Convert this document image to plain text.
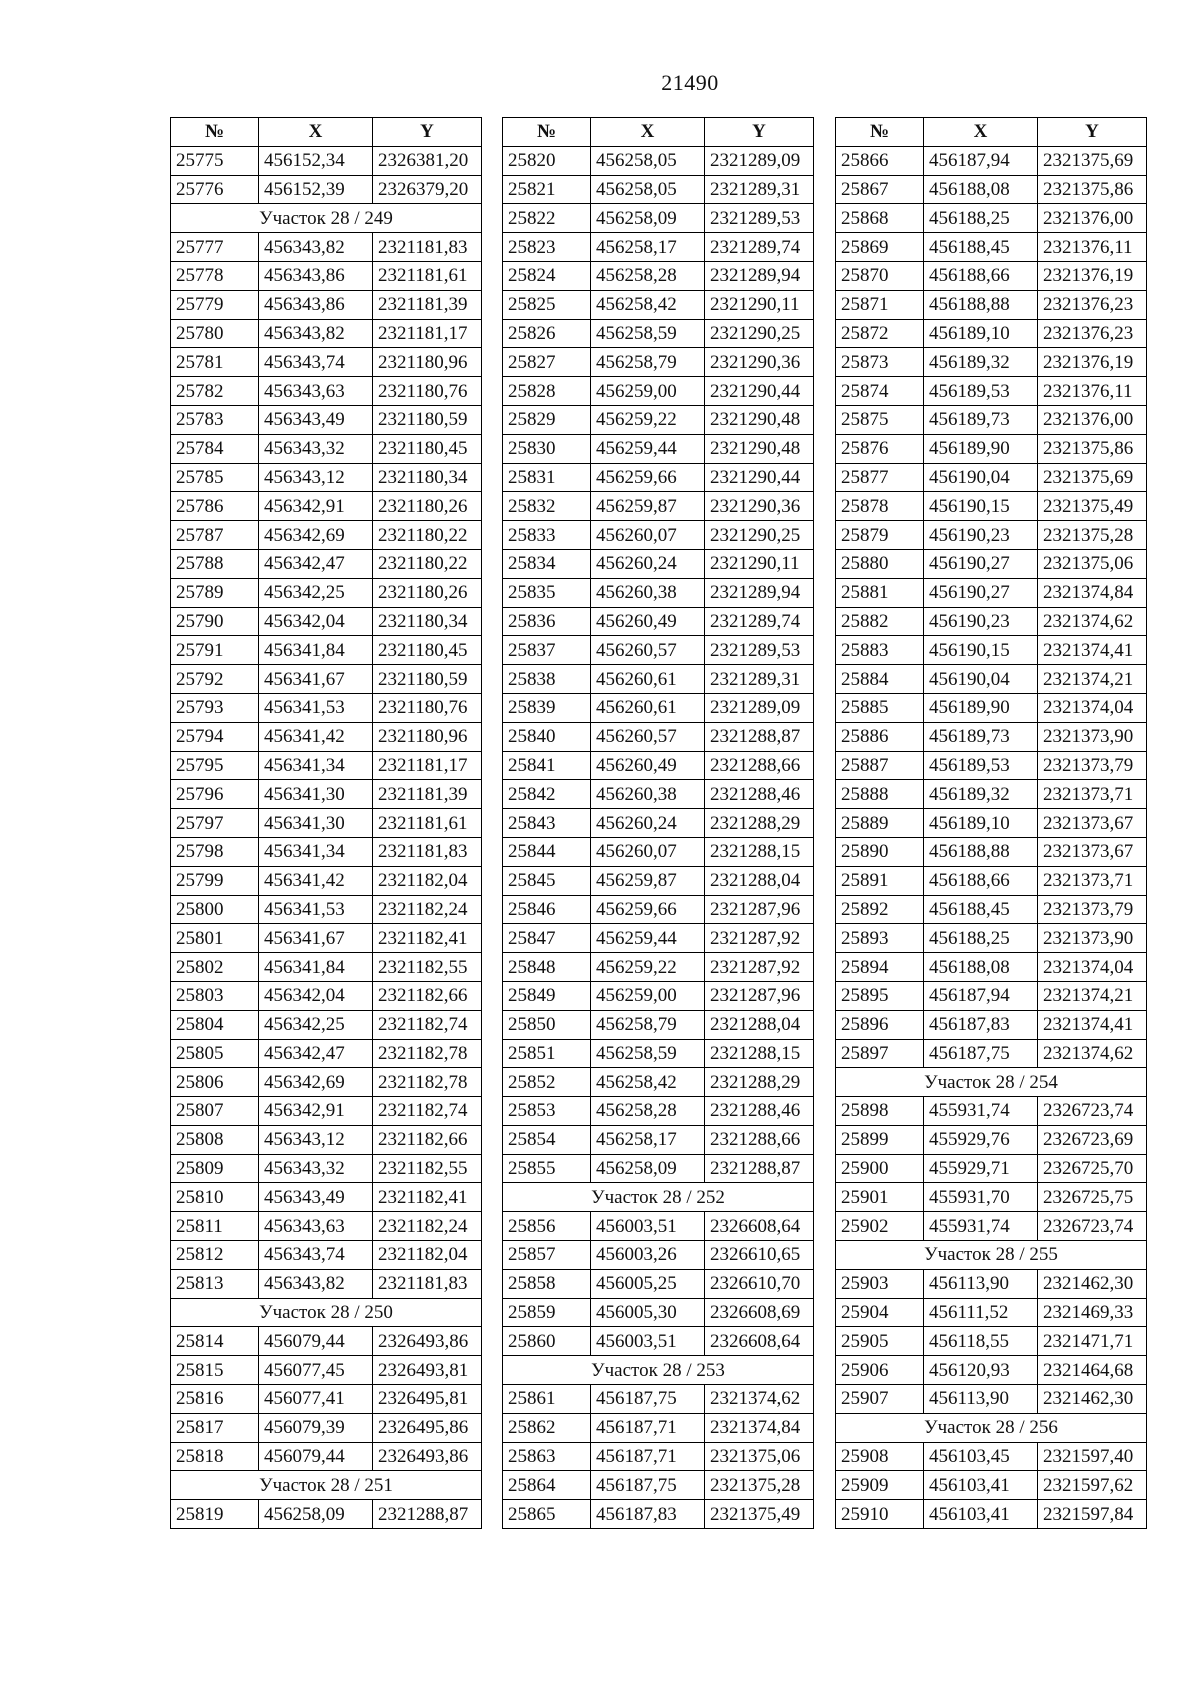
21490
№	X	Y
25775	456152,34	2326381,20
25776	456152,39	2326379,20
Участок 28 / 249		
25777	456343,82	2321181,83
25778	456343,86	2321181,61
25779	456343,86	2321181,39
25780	456343,82	2321181,17
25781	456343,74	2321180,96
25782	456343,63	2321180,76
25783	456343,49	2321180,59
25784	456343,32	2321180,45
25785	456343,12	2321180,34
25786	456342,91	2321180,26
25787	456342,69	2321180,22
25788	456342,47	2321180,22
25789	456342,25	2321180,26
25790	456342,04	2321180,34
25791	456341,84	2321180,45
25792	456341,67	2321180,59
25793	456341,53	2321180,76
25794	456341,42	2321180,96
25795	456341,34	2321181,17
25796	456341,30	2321181,39
25797	456341,30	2321181,61
25798	456341,34	2321181,83
25799	456341,42	2321182,04
25800	456341,53	2321182,24
25801	456341,67	2321182,41
25802	456341,84	2321182,55
25803	456342,04	2321182,66
25804	456342,25	2321182,74
25805	456342,47	2321182,78
25806	456342,69	2321182,78
25807	456342,91	2321182,74
25808	456343,12	2321182,66
25809	456343,32	2321182,55
25810	456343,49	2321182,41
25811	456343,63	2321182,24
25812	456343,74	2321182,04
25813	456343,82	2321181,83
Участок 28 / 250		
25814	456079,44	2326493,86
25815	456077,45	2326493,81
25816	456077,41	2326495,81
25817	456079,39	2326495,86
25818	456079,44	2326493,86
Участок 28 / 251		
25819	456258,09	2321288,87
№	X	Y
25820	456258,05	2321289,09
25821	456258,05	2321289,31
25822	456258,09	2321289,53
25823	456258,17	2321289,74
25824	456258,28	2321289,94
25825	456258,42	2321290,11
25826	456258,59	2321290,25
25827	456258,79	2321290,36
25828	456259,00	2321290,44
25829	456259,22	2321290,48
25830	456259,44	2321290,48
25831	456259,66	2321290,44
25832	456259,87	2321290,36
25833	456260,07	2321290,25
25834	456260,24	2321290,11
25835	456260,38	2321289,94
25836	456260,49	2321289,74
25837	456260,57	2321289,53
25838	456260,61	2321289,31
25839	456260,61	2321289,09
25840	456260,57	2321288,87
25841	456260,49	2321288,66
25842	456260,38	2321288,46
25843	456260,24	2321288,29
25844	456260,07	2321288,15
25845	456259,87	2321288,04
25846	456259,66	2321287,96
25847	456259,44	2321287,92
25848	456259,22	2321287,92
25849	456259,00	2321287,96
25850	456258,79	2321288,04
25851	456258,59	2321288,15
25852	456258,42	2321288,29
25853	456258,28	2321288,46
25854	456258,17	2321288,66
25855	456258,09	2321288,87
Участок 28 / 252		
25856	456003,51	2326608,64
25857	456003,26	2326610,65
25858	456005,25	2326610,70
25859	456005,30	2326608,69
25860	456003,51	2326608,64
Участок 28 / 253		
25861	456187,75	2321374,62
25862	456187,71	2321374,84
25863	456187,71	2321375,06
25864	456187,75	2321375,28
25865	456187,83	2321375,49
№	X	Y
25866	456187,94	2321375,69
25867	456188,08	2321375,86
25868	456188,25	2321376,00
25869	456188,45	2321376,11
25870	456188,66	2321376,19
25871	456188,88	2321376,23
25872	456189,10	2321376,23
25873	456189,32	2321376,19
25874	456189,53	2321376,11
25875	456189,73	2321376,00
25876	456189,90	2321375,86
25877	456190,04	2321375,69
25878	456190,15	2321375,49
25879	456190,23	2321375,28
25880	456190,27	2321375,06
25881	456190,27	2321374,84
25882	456190,23	2321374,62
25883	456190,15	2321374,41
25884	456190,04	2321374,21
25885	456189,90	2321374,04
25886	456189,73	2321373,90
25887	456189,53	2321373,79
25888	456189,32	2321373,71
25889	456189,10	2321373,67
25890	456188,88	2321373,67
25891	456188,66	2321373,71
25892	456188,45	2321373,79
25893	456188,25	2321373,90
25894	456188,08	2321374,04
25895	456187,94	2321374,21
25896	456187,83	2321374,41
25897	456187,75	2321374,62
Участок 28 / 254		
25898	455931,74	2326723,74
25899	455929,76	2326723,69
25900	455929,71	2326725,70
25901	455931,70	2326725,75
25902	455931,74	2326723,74
Участок 28 / 255		
25903	456113,90	2321462,30
25904	456111,52	2321469,33
25905	456118,55	2321471,71
25906	456120,93	2321464,68
25907	456113,90	2321462,30
Участок 28 / 256		
25908	456103,45	2321597,40
25909	456103,41	2321597,62
25910	456103,41	2321597,84
